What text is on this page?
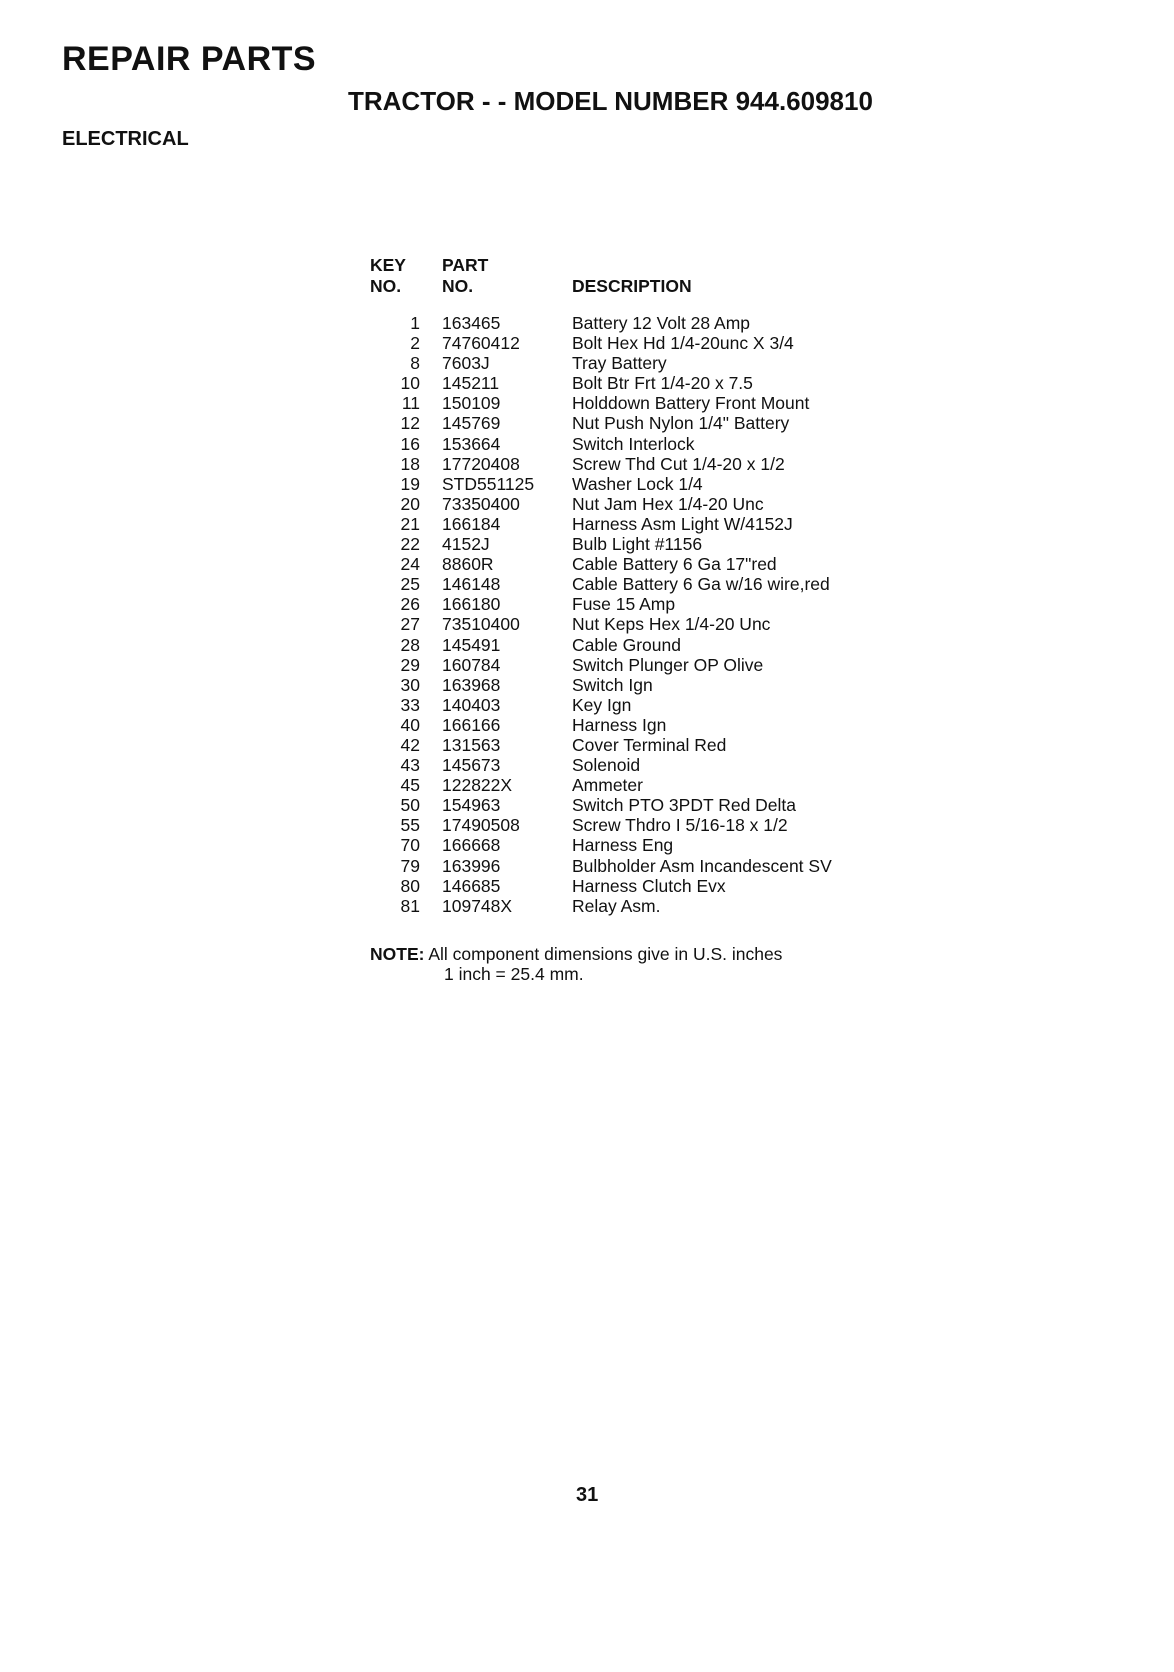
REPAIR PARTS
TRACTOR - - MODEL NUMBER 944.609810
ELECTRICAL
KEY	PART	
NO.	NO.	DESCRIPTION
1	163465	Battery 12 Volt 28 Amp
2	74760412	Bolt Hex Hd 1/4-20unc X 3/4
8	7603J	Tray Battery
10	145211	Bolt Btr Frt 1/4-20 x 7.5
11	150109	Holddown Battery Front Mount
12	145769	Nut Push Nylon 1/4" Battery
16	153664	Switch Interlock
18	17720408	Screw Thd Cut 1/4-20 x 1/2
19	STD551125	Washer Lock 1/4
20	73350400	Nut Jam Hex 1/4-20 Unc
21	166184	Harness Asm Light W/4152J
22	4152J	Bulb Light #1156
24	8860R	Cable Battery 6 Ga 17"red
25	146148	Cable Battery 6 Ga w/16 wire,red
26	166180	Fuse 15 Amp
27	73510400	Nut Keps Hex 1/4-20 Unc
28	145491	Cable Ground
29	160784	Switch Plunger OP Olive
30	163968	Switch Ign
33	140403	Key Ign
40	166166	Harness Ign
42	131563	Cover Terminal Red
43	145673	Solenoid
45	122822X	Ammeter
50	154963	Switch PTO 3PDT Red Delta
55	17490508	Screw Thdro I 5/16-18 x 1/2
70	166668	Harness Eng
79	163996	Bulbholder Asm Incandescent SV
80	146685	Harness Clutch Evx
81	109748X	Relay Asm.
NOTE: All component dimensions give in U.S. inches
1 inch = 25.4 mm.
31
